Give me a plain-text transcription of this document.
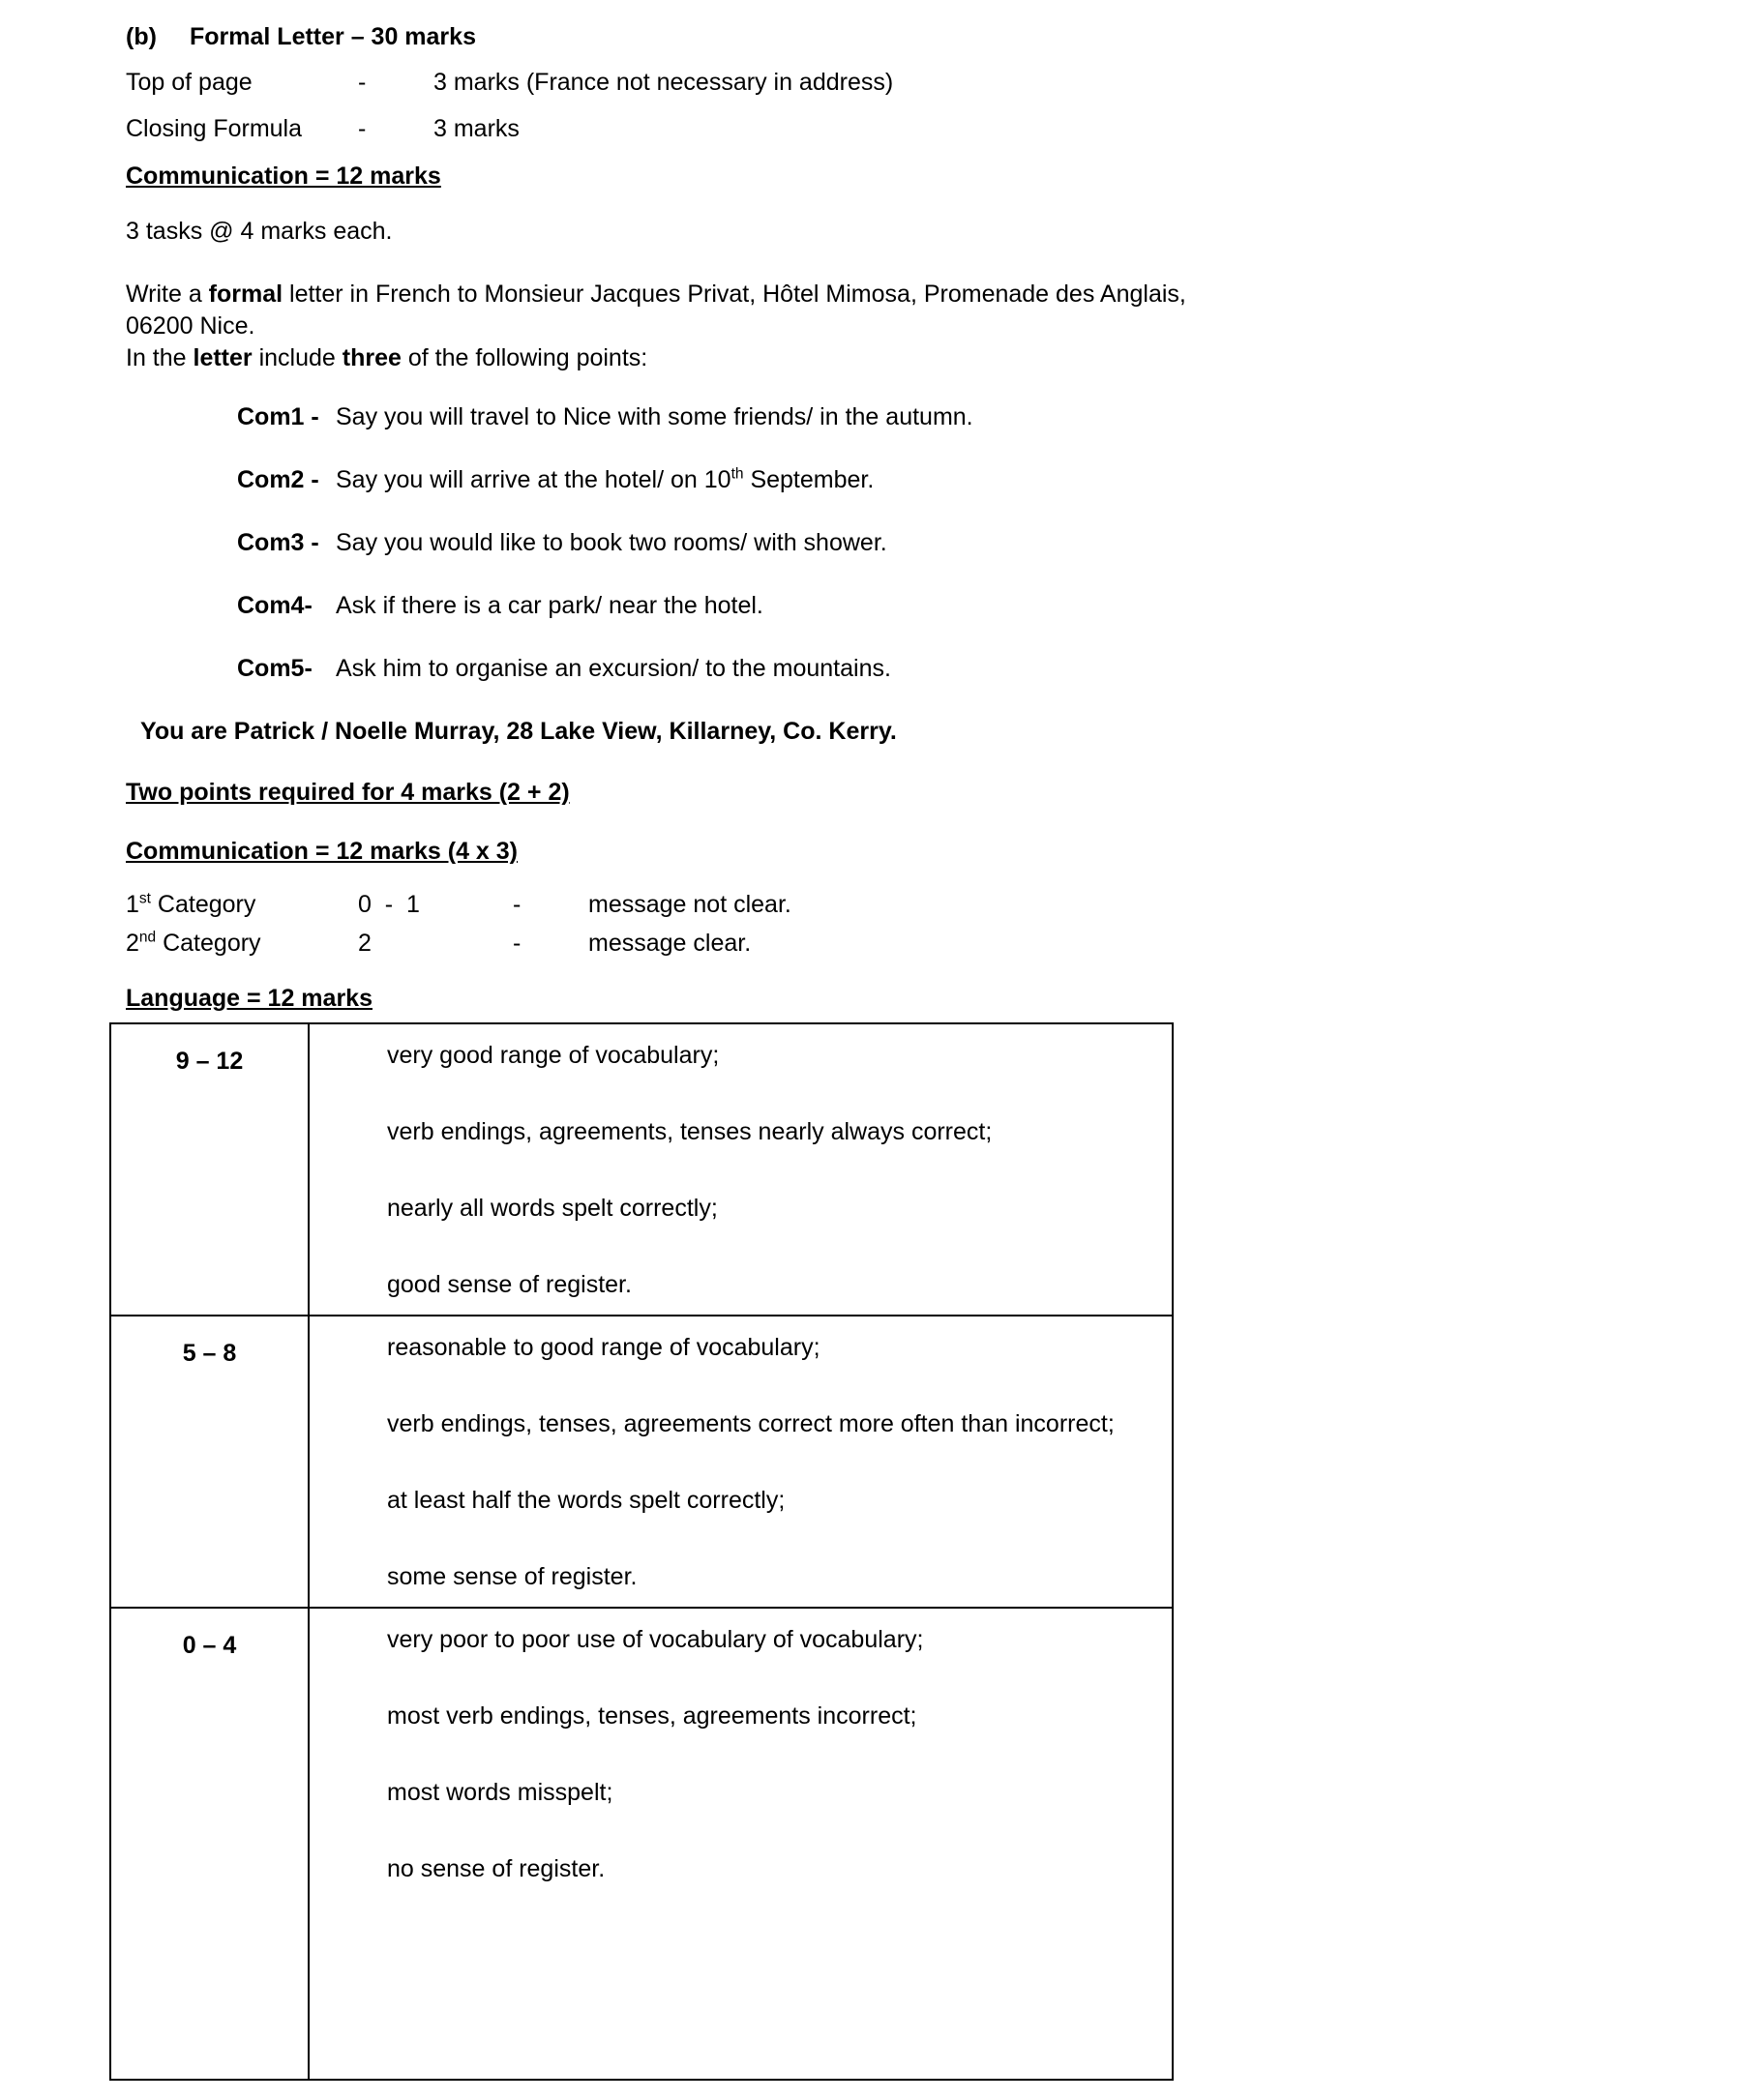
(b) Formal Letter – 30 marks
Top of page	-	3 marks (France not necessary in address)
Closing Formula	-	3 marks
Communication = 12 marks
3 tasks @ 4 marks each.
Write a formal letter in French to Monsieur Jacques Privat, Hôtel Mimosa, Promenade des Anglais,
06200 Nice.
In the letter include three of the following points:
Com1 - Say you will travel to Nice with some friends/ in the autumn.
Com2 - Say you will arrive at the hotel/ on 10th September.
Com3 - Say you would like to book two rooms/ with shower.
Com4- Ask if there is a car park/ near the hotel.
Com5- Ask him to organise an excursion/ to the mountains.
You are Patrick / Noelle Murray, 28 Lake View, Killarney, Co. Kerry.
Two points required for 4 marks (2 + 2)
Communication = 12 marks (4 x 3)
1st Category	0  -  1	-	message not clear.
2nd Category	2	-	message clear.
Language = 12 marks
9 – 12	very good range of vocabulary;
verb endings, agreements, tenses nearly always correct;
nearly all words spelt correctly;
good sense of register.

5 – 8	reasonable to good range of vocabulary;
verb endings, tenses, agreements correct more often than incorrect;
at least half the words spelt correctly;
some sense of register.

0 – 4	very poor to poor use of vocabulary of vocabulary;
most verb endings, tenses, agreements incorrect;
most words misspelt;
no sense of register.
